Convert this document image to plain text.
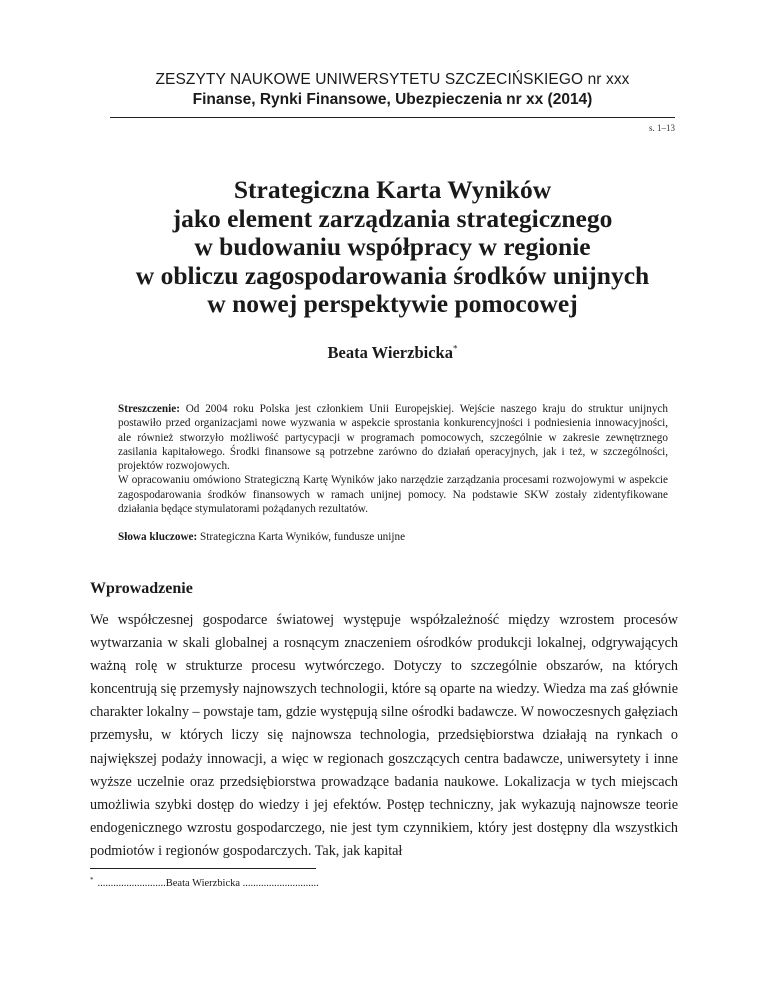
ZESZYTY NAUKOWE UNIWERSYTETU SZCZECIŃSKIEGO nr xxx
Finanse, Rynki Finansowe, Ubezpieczenia nr xx (2014)
s. 1–13
Strategiczna Karta Wyników
jako element zarządzania strategicznego
w budowaniu współpracy w regionie
w obliczu zagospodarowania środków unijnych
w nowej perspektywie pomocowej
Beata Wierzbicka*

Streszczenie: Od 2004 roku Polska jest członkiem Unii Europejskiej. Wejście naszego kraju do struktur unijnych postawiło przed organizacjami nowe wyzwania w aspekcie sprostania konkurencyjności i podniesienia innowacyjności, ale również stworzyło możliwość partycypacji w programach pomocowych, szczególnie w zakresie zewnętrznego zasilania kapitałowego. Środki finansowe są potrzebne zarówno do działań operacyjnych, jak i też, w szczególności, projektów rozwojowych.

W opracowaniu omówiono Strategiczną Kartę Wyników jako narzędzie zarządzania procesami rozwojowymi w aspekcie zagospodarowania środków finansowych w ramach unijnej pomocy. Na podstawie SKW zostały zidentyfikowane działania będące stymulatorami pożądanych rezultatów.

Słowa kluczowe: Strategiczna Karta Wyników, fundusze unijne
Wprowadzenie

We współczesnej gospodarce światowej występuje współzależność między wzrostem procesów wytwarzania w skali globalnej a rosnącym znaczeniem ośrodków produkcji lokalnej, odgrywających ważną rolę w strukturze procesu wytwórczego. Dotyczy to szczególnie obszarów, na których koncentrują się przemysły najnowszych technologii, które są oparte na wiedzy. Wiedza ma zaś głównie charakter lokalny – powstaje tam, gdzie występują silne ośrodki badawcze. W nowoczesnych gałęziach przemysłu, w których liczy się najnowsza technologia, przedsiębiorstwa działają na rynkach o największej podaży innowacji, a więc w regionach goszczących centra badawcze, uniwersytety i inne wyższe uczelnie oraz przedsiębiorstwa prowadzące badania naukowe. Lokalizacja w tych miejscach umożliwia szybki dostęp do wiedzy i jej efektów. Postęp techniczny, jak wykazują najnowsze teorie endogenicznego wzrostu gospodarczego, nie jest tym czynnikiem, który jest dostępny dla wszystkich podmiotów i regionów gospodarczych. Tak, jak kapitał

* ..........................Beata Wierzbicka .............................
